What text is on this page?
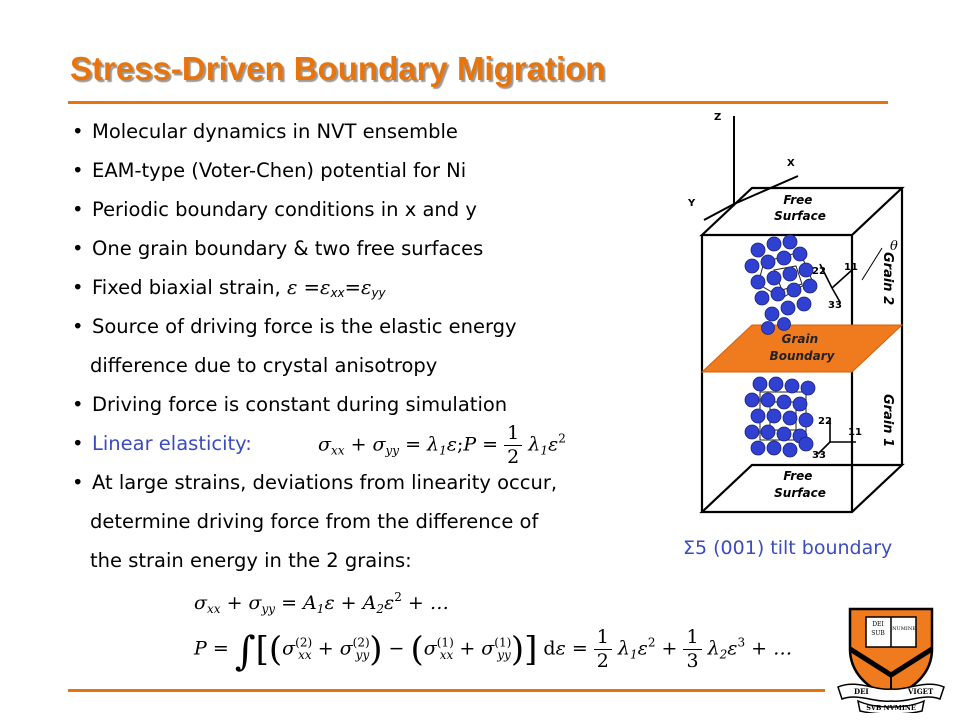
Stress-Driven Boundary Migration
• Molecular dynamics in NVT ensemble
• EAM-type (Voter-Chen) potential for Ni
• Periodic boundary conditions in x and y
• One grain boundary & two free surfaces
• Fixed biaxial strain, $\varepsilon =\varepsilon_{xx}=\varepsilon_{yy}$
• Source of driving force is the elastic energy
difference due to crystal anisotropy
• Driving force is constant during simulation
• Linear elasticity:
• At large strains, deviations from linearity occur,
determine driving force from the difference of
the strain energy in the 2 grains:
$\sigma_{xx} + \sigma_{yy}$ = $\lambda_1\varepsilon;P = \frac{1}{2} \lambda_1\varepsilon^2$
$\sigma_{xx} + \sigma_{yy} = A_1\varepsilon + A_2\varepsilon^2$ + …
$P = \int[(\sigma^{(2)}_{xx} + \sigma^{(2)}_{yy}) - (\sigma^{(1)}_{xx} + \sigma^{(1)}_{yy})] d\varepsilon = \frac{1}{2} \lambda_1\varepsilon^2 + \frac{1}{3} \lambda_2\varepsilon^3$ + …
Z
X
Y	Free Surface
Grain Boundary
22 11
33
θ
Grain 2
22
11
33
Grain 1
Free Surface
Σ5 (001) tilt boundary
DEI
SUB
NUMINE
DEI	VIGET
SVB NVMINE
